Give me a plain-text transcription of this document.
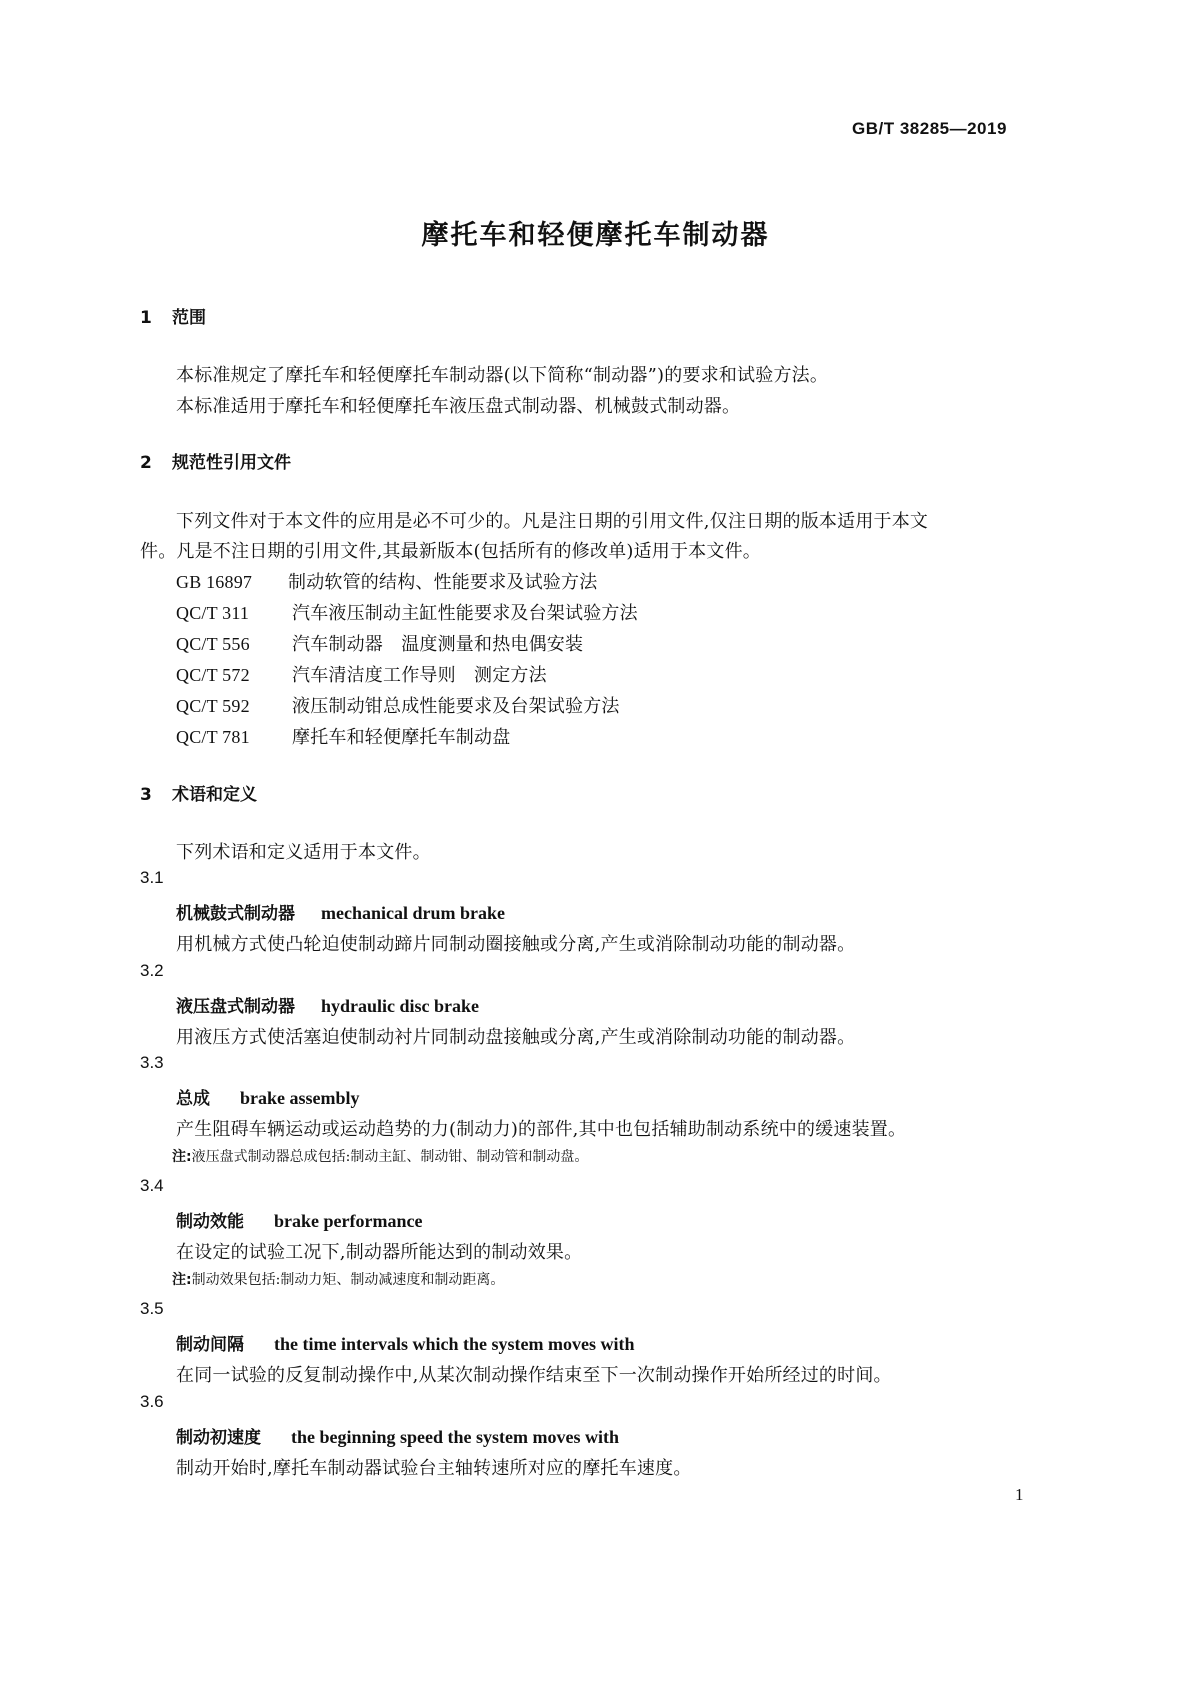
GB/T 38285—2019
摩托车和轻便摩托车制动器
1 范围
本标准规定了摩托车和轻便摩托车制动器(以下简称“制动器”)的要求和试验方法。
本标准适用于摩托车和轻便摩托车液压盘式制动器、机械鼓式制动器。
2 规范性引用文件
下列文件对于本文件的应用是必不可少的。凡是注日期的引用文件,仅注日期的版本适用于本文
件。凡是不注日期的引用文件,其最新版本(包括所有的修改单)适用于本文件。
GB 16897 制动软管的结构、性能要求及试验方法
QC/T 311 汽车液压制动主缸性能要求及台架试验方法
QC/T 556 汽车制动器　温度测量和热电偶安装
QC/T 572 汽车清洁度工作导则　测定方法
QC/T 592 液压制动钳总成性能要求及台架试验方法
QC/T 781 摩托车和轻便摩托车制动盘
3 术语和定义
下列术语和定义适用于本文件。
3.1
机械鼓式制动器 mechanical drum brake
用机械方式使凸轮迫使制动蹄片同制动圈接触或分离,产生或消除制动功能的制动器。
3.2
液压盘式制动器 hydraulic disc brake
用液压方式使活塞迫使制动衬片同制动盘接触或分离,产生或消除制动功能的制动器。
3.3
总成 brake assembly
产生阻碍车辆运动或运动趋势的力(制动力)的部件,其中也包括辅助制动系统中的缓速装置。
注:液压盘式制动器总成包括:制动主缸、制动钳、制动管和制动盘。
3.4
制动效能 brake performance
在设定的试验工况下,制动器所能达到的制动效果。
注:制动效果包括:制动力矩、制动减速度和制动距离。
3.5
制动间隔 the time intervals which the system moves with
在同一试验的反复制动操作中,从某次制动操作结束至下一次制动操作开始所经过的时间。
3.6
制动初速度 the beginning speed the system moves with
制动开始时,摩托车制动器试验台主轴转速所对应的摩托车速度。
1
